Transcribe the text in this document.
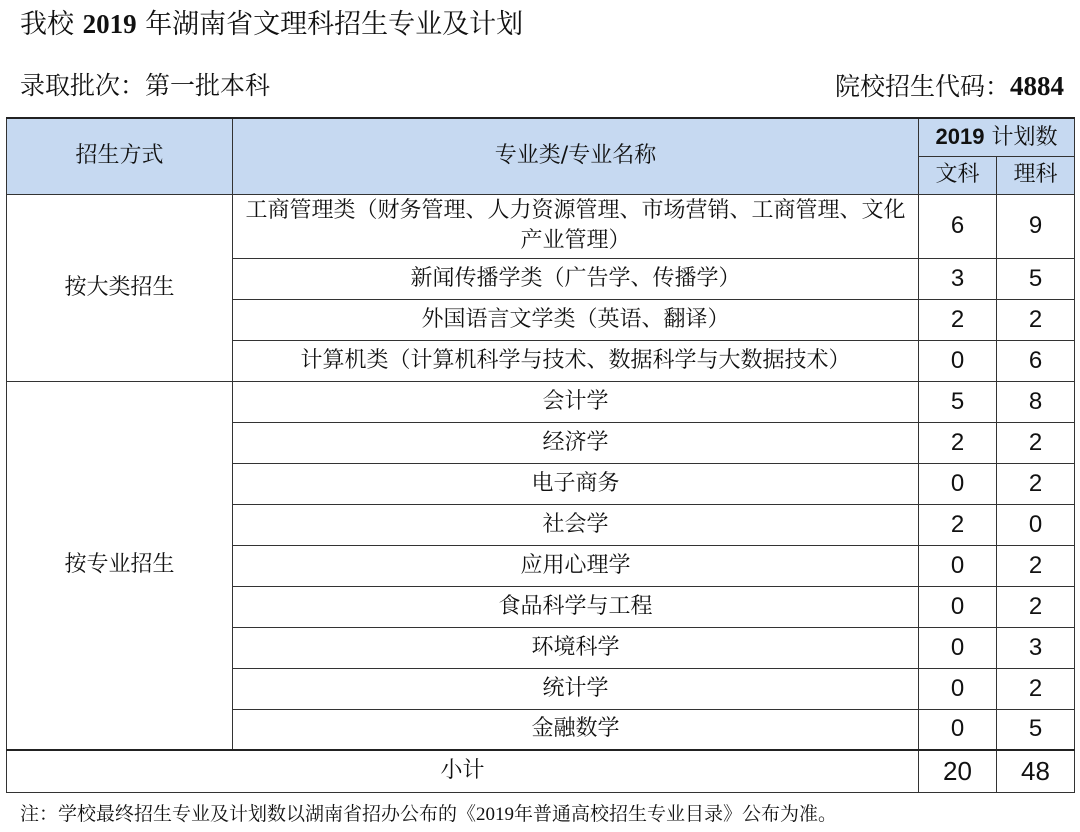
我校 2019 年湖南省文理科招生专业及计划
录取批次：第一批本科	院校招生代码：4884
招生方式	专业类/专业名称	2019 计划数	
		文科	理科
按大类招生	工商管理类（财务管理、人力资源管理、市场营销、工商管理、文化产业管理）	6	9
	新闻传播学类（广告学、传播学）	3	5
	外国语言文学类（英语、翻译）	2	2
	计算机类（计算机科学与技术、数据科学与大数据技术）	0	6
按专业招生	会计学	5	8
	经济学	2	2
	电子商务	0	2
	社会学	2	0
	应用心理学	0	2
	食品科学与工程	0	2
	环境科学	0	3
	统计学	0	2
	金融数学	0	5
小计		20	48
注：学校最终招生专业及计划数以湖南省招办公布的《2019年普通高校招生专业目录》公布为准。
